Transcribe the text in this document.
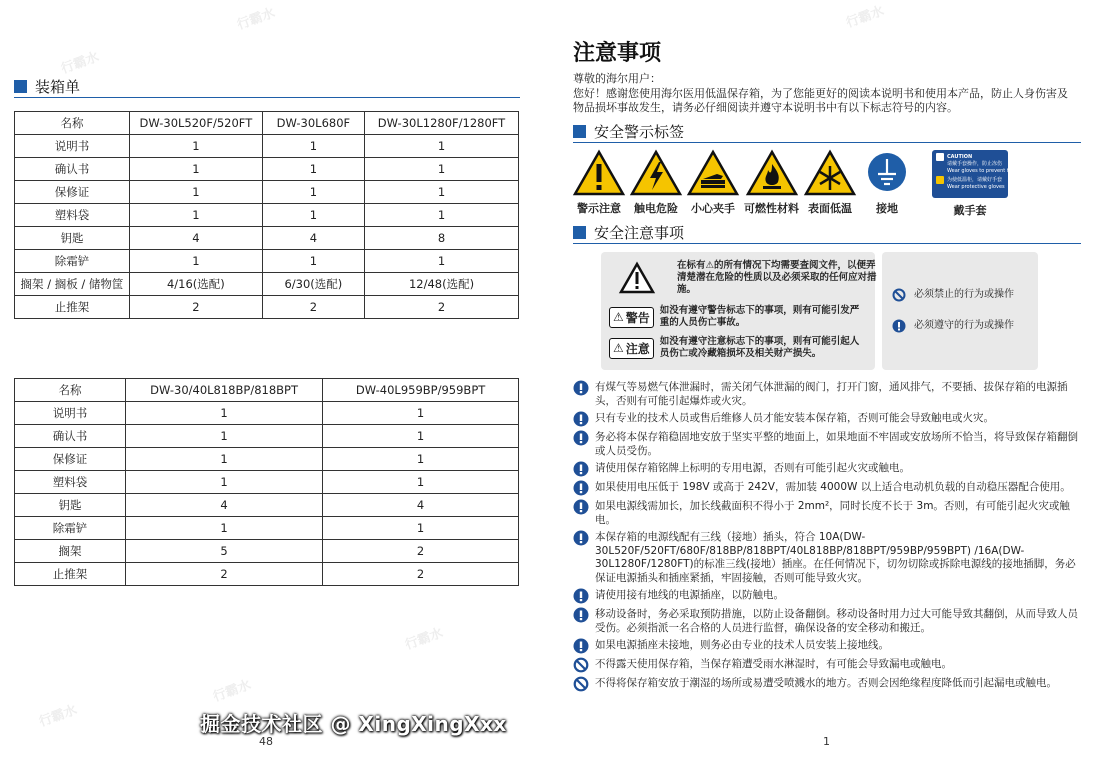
行霸水	行霸水
行霸水
行霸水
行霸水
行霸水
装箱单
名称	DW-30L520F/520FT	DW-30L680F	DW-30L1280F/1280FT
说明书	1	1	1
确认书	1	1	1
保修证	1	1	1
塑料袋	1	1	1
钥匙	4	4	8
除霜铲	1	1	1
搁架 / 搁板 / 储物筐	4/16(选配)	6/30(选配)	12/48(选配)
止推架	2	2	2
名称	DW-30/40L818BP/818BPT	DW-40L959BP/959BPT
说明书	1	1
确认书	1	1
保修证	1	1
塑料袋	1	1
钥匙	4	4
除霜铲	1	1
搁架	5	2
止推架	2	2
48
注意事项
尊敬的海尔用户：
您好！感谢您使用海尔医用低温保存箱，为了您能更好的阅读本说明书和使用本产品，防止人身伤害及物品损坏事故发生，请务必仔细阅读并遵守本说明书中有以下标志符号的内容。
安全警示标签
警示注意 触电危险 小心夹手 可燃性材料 表面低温 接地
CAUTION
请戴手套操作，防止冻伤
Wear gloves to prevent frostbite
为使低温柜，请戴好手套
Wear protective gloves
戴手套
安全注意事项
在标有⚠的所有情况下均需要查阅文件，以便弄清楚潜在危险的性质以及必须采取的任何应对措施。
⚠ 警告 如没有遵守警告标志下的事项，则有可能引发严重的人员伤亡事故。
⚠ 注意 如没有遵守注意标志下的事项，则有可能引起人员伤亡或冷藏箱损坏及相关财产损失。
必须禁止的行为或操作
必须遵守的行为或操作
有煤气等易燃气体泄漏时，需关闭气体泄漏的阀门，打开门窗，通风排气，不要插、拔保存箱的电源插头，否则有可能引起爆炸或火灾。
只有专业的技术人员或售后维修人员才能安装本保存箱，否则可能会导致触电或火灾。
务必将本保存箱稳固地安放于坚实平整的地面上，如果地面不牢固或安放场所不恰当，将导致保存箱翻倒或人员受伤。
请使用保存箱铭牌上标明的专用电源，否则有可能引起火灾或触电。
如果使用电压低于 198V 或高于 242V，需加装 4000W 以上适合电动机负载的自动稳压器配合使用。
如果电源线需加长，加长线截面积不得小于 2mm²，同时长度不长于 3m。否则，有可能引起火灾或触电。
本保存箱的电源线配有三线（接地）插头，符合 10A(DW-30L520F/520FT/680F/818BP/818BPT/40L818BP/818BPT/959BP/959BPT) /16A(DW-30L1280F/1280FT)的标准三线(接地）插座。在任何情况下，切勿切除或拆除电源线的接地插脚，务必保证电源插头和插座紧插，牢固接触，否则可能导致火灾。
请使用接有地线的电源插座，以防触电。
移动设备时，务必采取预防措施，以防止设备翻倒。移动设备时用力过大可能导致其翻倒，从而导致人员受伤。必须指派一名合格的人员进行监督，确保设备的安全移动和搬迁。
如果电源插座未接地，则务必由专业的技术人员安装上接地线。
不得露天使用保存箱，当保存箱遭受雨水淋湿时，有可能会导致漏电或触电。
不得将保存箱安放于潮湿的场所或易遭受喷溅水的地方。否则会因绝缘程度降低而引起漏电或触电。
1
掘金技术社区 @ XingXingXxx
